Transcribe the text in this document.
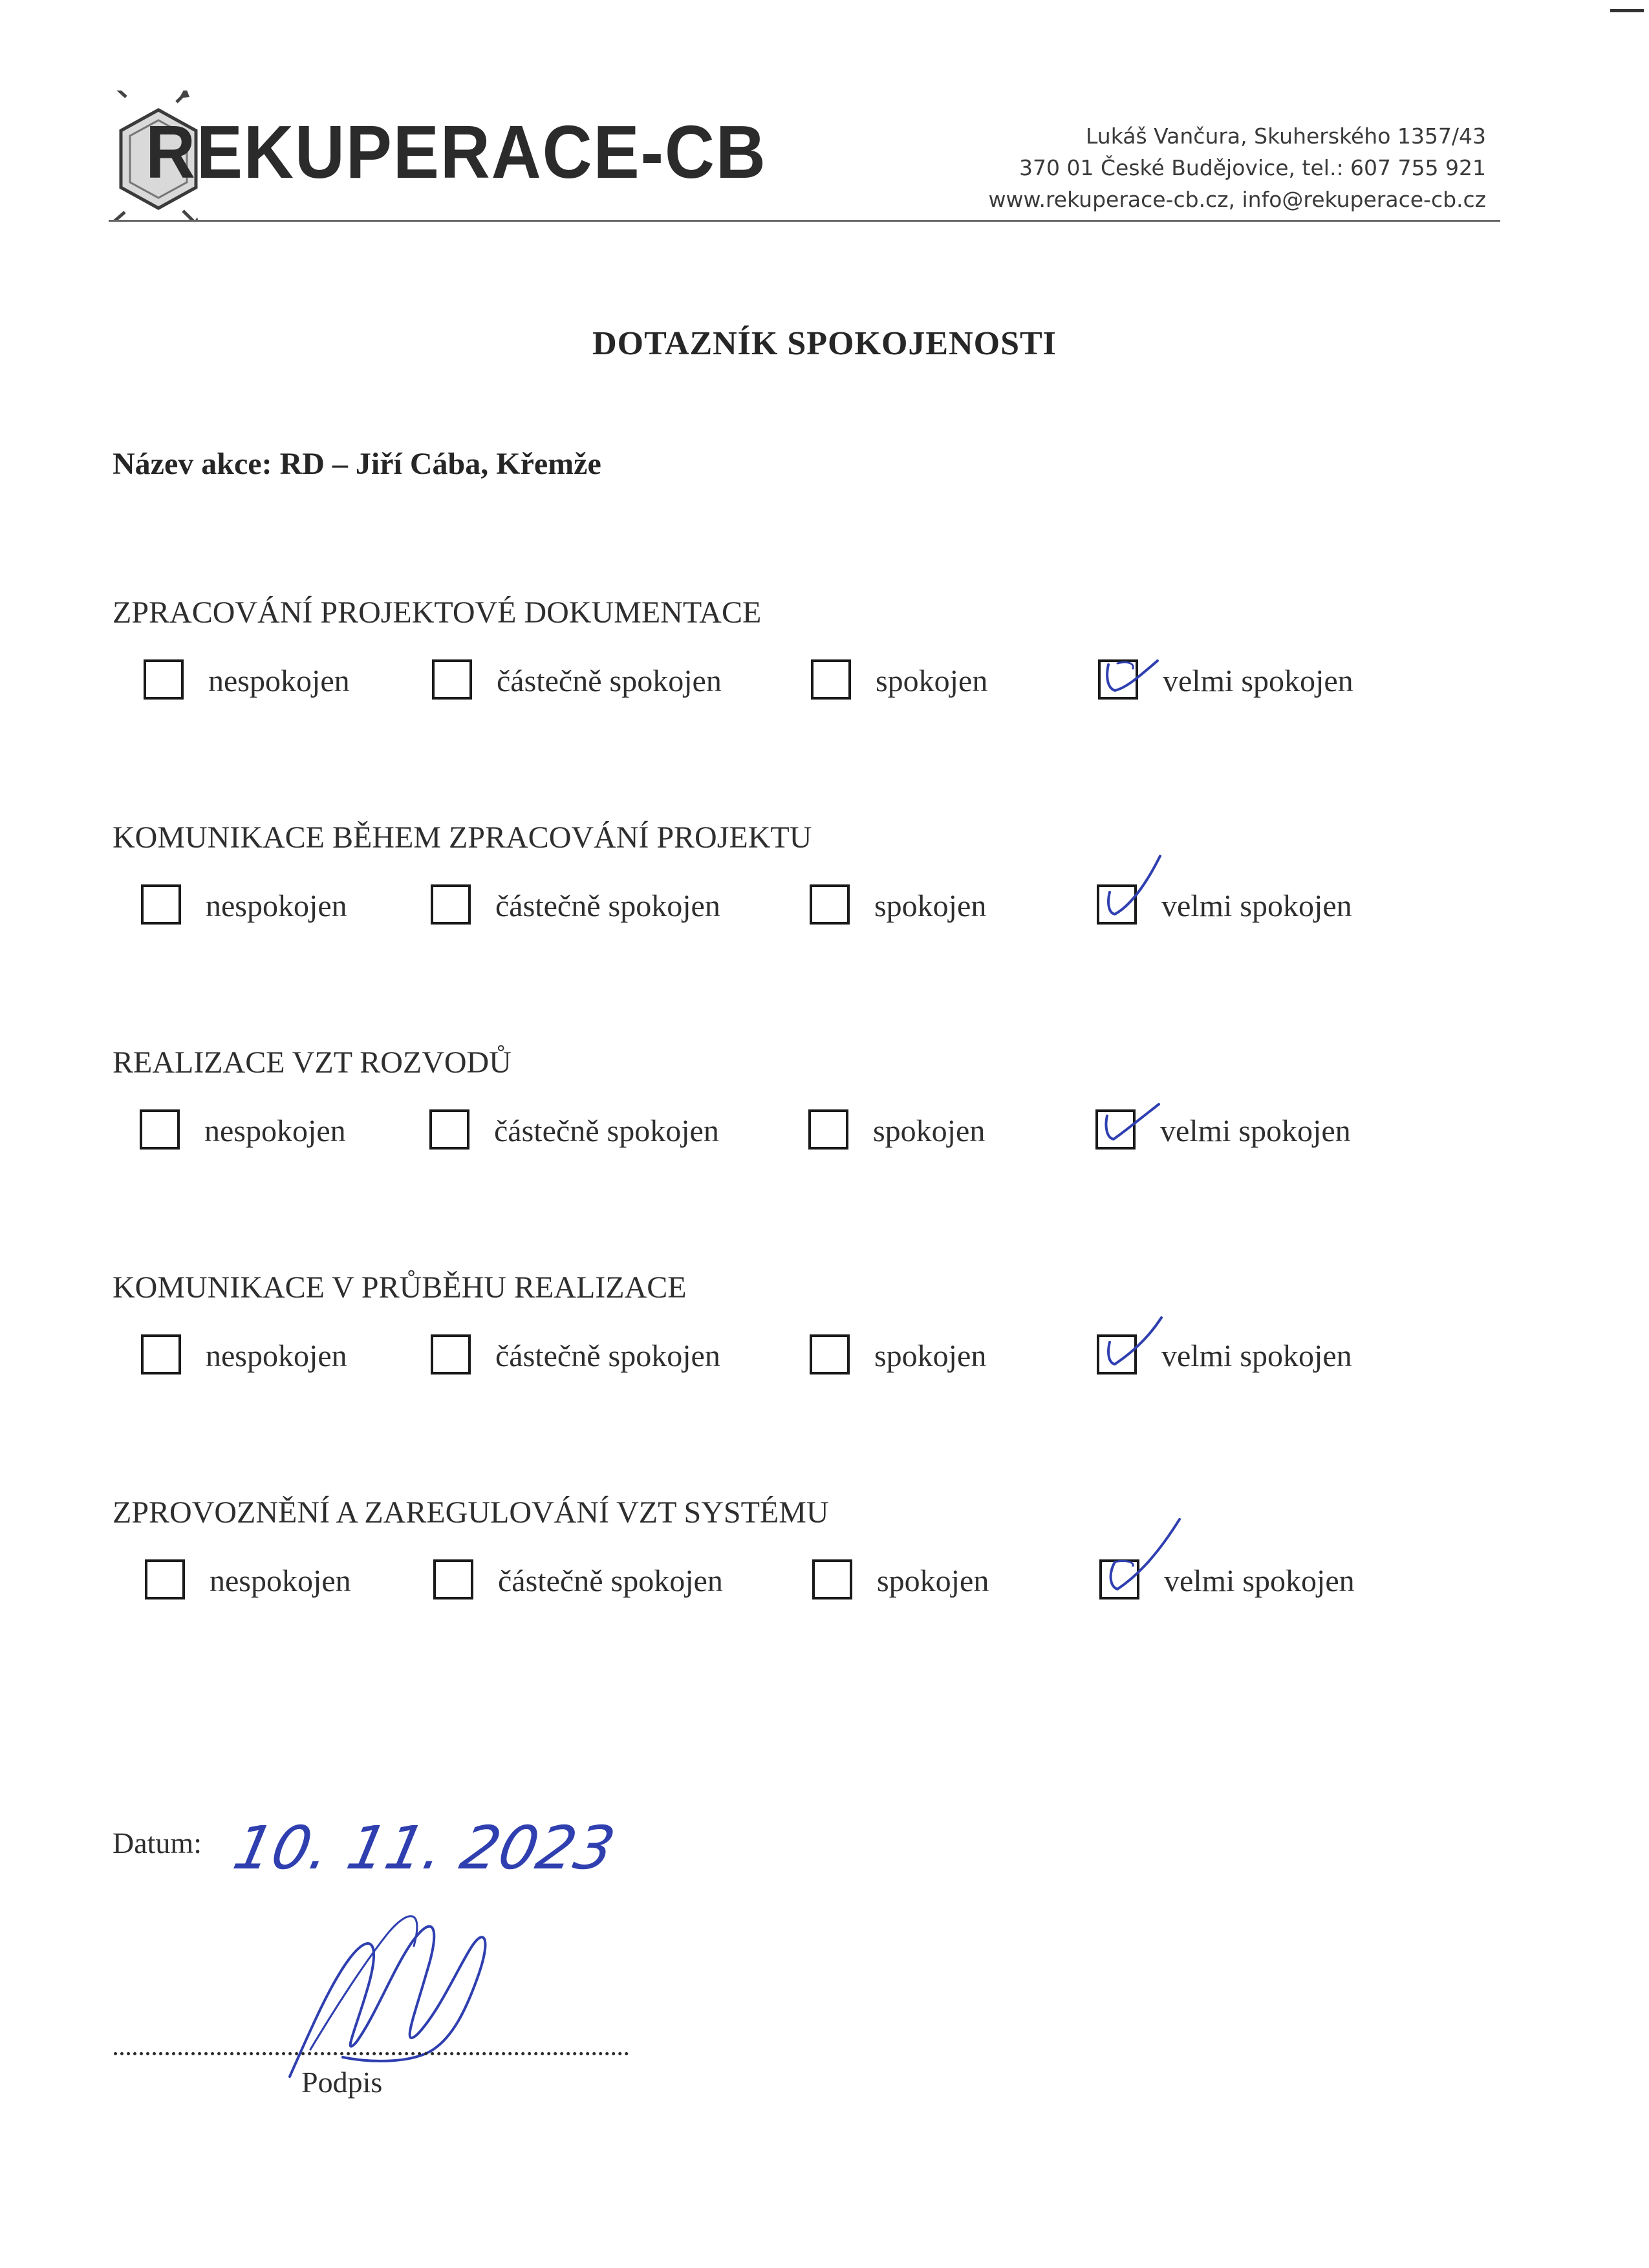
REKUPERACE-CB	Lukáš Vančura, Skuherského 1357/43
370 01 České Budějovice, tel.: 607 755 921
www.rekuperace-cb.cz, info@rekuperace-cb.cz
DOTAZNÍK SPOKOJENOSTI
Název akce: RD – Jiří Cába, Křemže
ZPRACOVÁNÍ PROJEKTOVÉ DOKUMENTACE
nespokojen	částečně spokojen	spokojen	velmi spokojen
KOMUNIKACE BĚHEM ZPRACOVÁNÍ PROJEKTU
nespokojen	částečně spokojen	spokojen	velmi spokojen
REALIZACE VZT ROZVODŮ
nespokojen	částečně spokojen	spokojen	velmi spokojen
KOMUNIKACE V PRŮBĚHU REALIZACE
nespokojen	částečně spokojen	spokojen	velmi spokojen
ZPROVOZNĚNÍ A ZAREGULOVÁNÍ VZT SYSTÉMU
nespokojen	částečně spokojen	spokojen	velmi spokojen
Datum: 10. 11. 2023
Podpis
